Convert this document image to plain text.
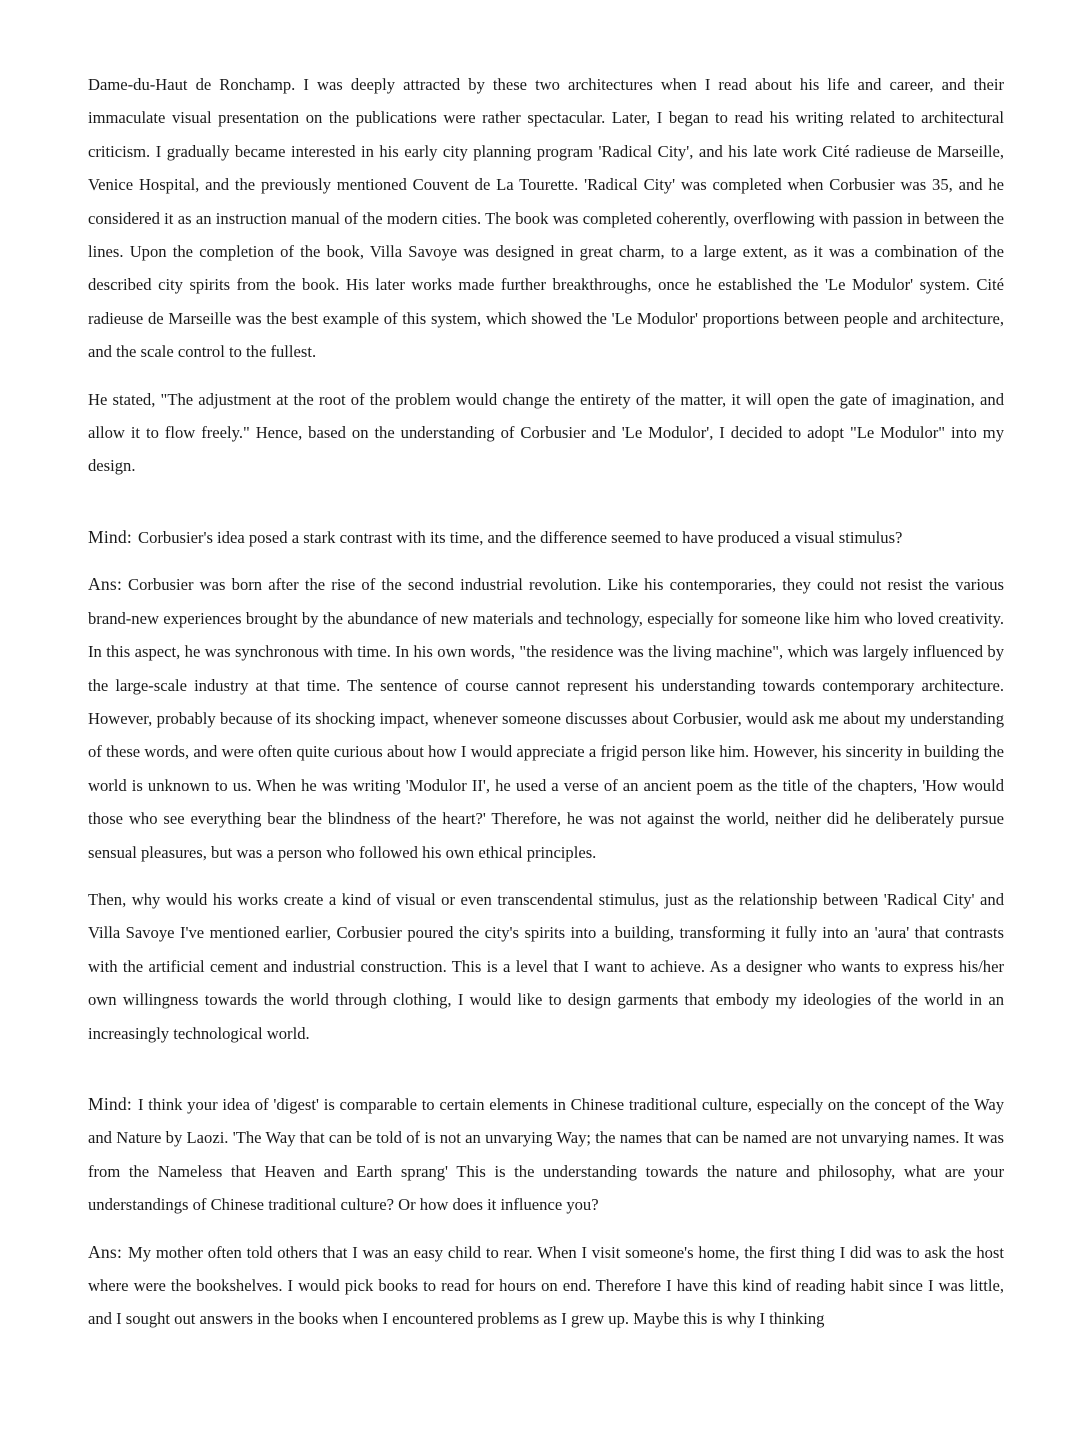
Dame-du-Haut de Ronchamp. I was deeply attracted by these two architectures when I read about his life and career, and their immaculate visual presentation on the publications were rather spectacular. Later, I began to read his writing related to architectural criticism. I gradually became interested in his early city planning program 'Radical City', and his late work Cité radieuse de Marseille, Venice Hospital, and the previously mentioned Couvent de La Tourette. 'Radical City' was completed when Corbusier was 35, and he considered it as an instruction manual of the modern cities. The book was completed coherently, overflowing with passion in between the lines. Upon the completion of the book, Villa Savoye was designed in great charm, to a large extent, as it was a combination of the described city spirits from the book. His later works made further breakthroughs, once he established the 'Le Modulor' system. Cité radieuse de Marseille was the best example of this system, which showed the 'Le Modulor' proportions between people and architecture, and the scale control to the fullest.

He stated, "The adjustment at the root of the problem would change the entirety of the matter, it will open the gate of imagination, and allow it to flow freely." Hence, based on the understanding of Corbusier and 'Le Modulor', I decided to adopt "Le Modulor" into my design.

Mind: Corbusier's idea posed a stark contrast with its time, and the difference seemed to have produced a visual stimulus?

Ans: Corbusier was born after the rise of the second industrial revolution. Like his contemporaries, they could not resist the various brand-new experiences brought by the abundance of new materials and technology, especially for someone like him who loved creativity. In this aspect, he was synchronous with time. In his own words, "the residence was the living machine", which was largely influenced by the large-scale industry at that time. The sentence of course cannot represent his understanding towards contemporary architecture. However, probably because of its shocking impact, whenever someone discusses about Corbusier, would ask me about my understanding of these words, and were often quite curious about how I would appreciate a frigid person like him. However, his sincerity in building the world is unknown to us. When he was writing 'Modulor II', he used a verse of an ancient poem as the title of the chapters, 'How would those who see everything bear the blindness of the heart?' Therefore, he was not against the world, neither did he deliberately pursue sensual pleasures, but was a person who followed his own ethical principles.

Then, why would his works create a kind of visual or even transcendental stimulus, just as the relationship between 'Radical City' and Villa Savoye I've mentioned earlier, Corbusier poured the city's spirits into a building, transforming it fully into an 'aura' that contrasts with the artificial cement and industrial construction. This is a level that I want to achieve. As a designer who wants to express his/her own willingness towards the world through clothing, I would like to design garments that embody my ideologies of the world in an increasingly technological world.

Mind: I think your idea of 'digest' is comparable to certain elements in Chinese traditional culture, especially on the concept of the Way and Nature by Laozi. 'The Way that can be told of is not an unvarying Way; the names that can be named are not unvarying names. It was from the Nameless that Heaven and Earth sprang' This is the understanding towards the nature and philosophy, what are your understandings of Chinese traditional culture? Or how does it influence you?

Ans: My mother often told others that I was an easy child to rear. When I visit someone's home, the first thing I did was to ask the host where were the bookshelves. I would pick books to read for hours on end. Therefore I have this kind of reading habit since I was little, and I sought out answers in the books when I encountered problems as I grew up. Maybe this is why I thinking
